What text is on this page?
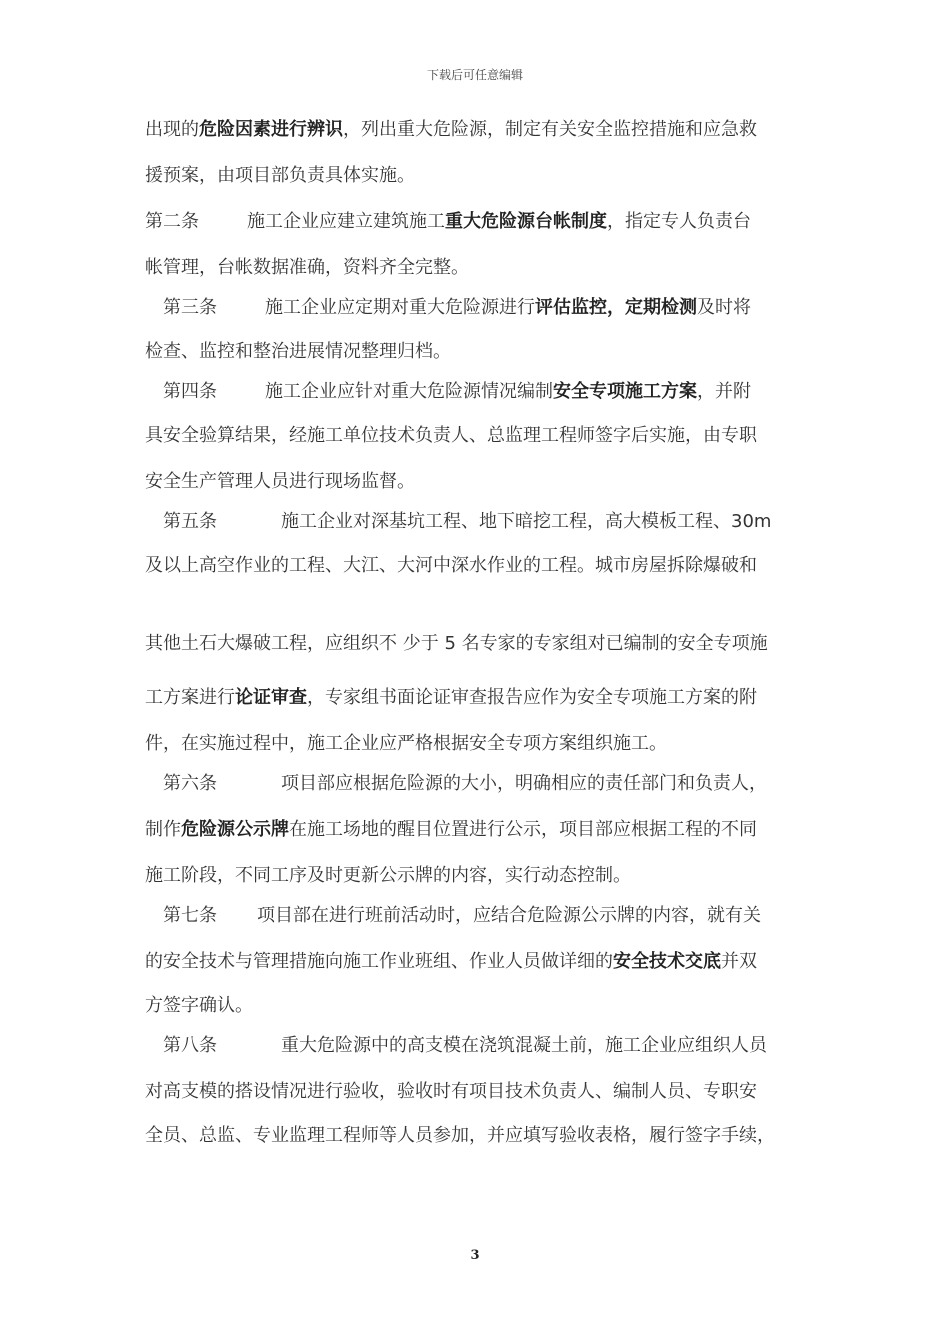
下载后可任意编辑
出现的危险因素进行辨识，列出重大危险源，制定有关安全监控措施和应急救
援预案，由项目部负责具体实施。
第二条	施工企业应建立建筑施工重大危险源台帐制度，指定专人负责台
帐管理，台帐数据准确，资料齐全完整。
第三条	施工企业应定期对重大危险源进行评估监控，定期检测及时将
检查、监控和整治进展情况整理归档。
第四条	施工企业应针对重大危险源情况编制安全专项施工方案，并附
具安全验算结果，经施工单位技术负责人、总监理工程师签字后实施，由专职
安全生产管理人员进行现场监督。
第五条	施工企业对深基坑工程、地下暗挖工程，高大模板工程、30m
及以上高空作业的工程、大江、大河中深水作业的工程。城市房屋拆除爆破和
其他土石大爆破工程，应组织不 少于 5 名专家的专家组对已编制的安全专项施
工方案进行论证审查，专家组书面论证审查报告应作为安全专项施工方案的附
件，在实施过程中，施工企业应严格根据安全专项方案组织施工。
第六条	项目部应根据危险源的大小，明确相应的责任部门和负责人，
制作危险源公示牌在施工场地的醒目位置进行公示，项目部应根据工程的不同
施工阶段，不同工序及时更新公示牌的内容，实行动态控制。
第七条 项目部在进行班前活动时，应结合危险源公示牌的内容，就有关
的安全技术与管理措施向施工作业班组、作业人员做详细的安全技术交底并双
方签字确认。
第八条	重大危险源中的高支模在浇筑混凝土前，施工企业应组织人员
对高支模的搭设情况进行验收，验收时有项目技术负责人、编制人员、专职安
全员、总监、专业监理工程师等人员参加，并应填写验收表格，履行签字手续，
3
